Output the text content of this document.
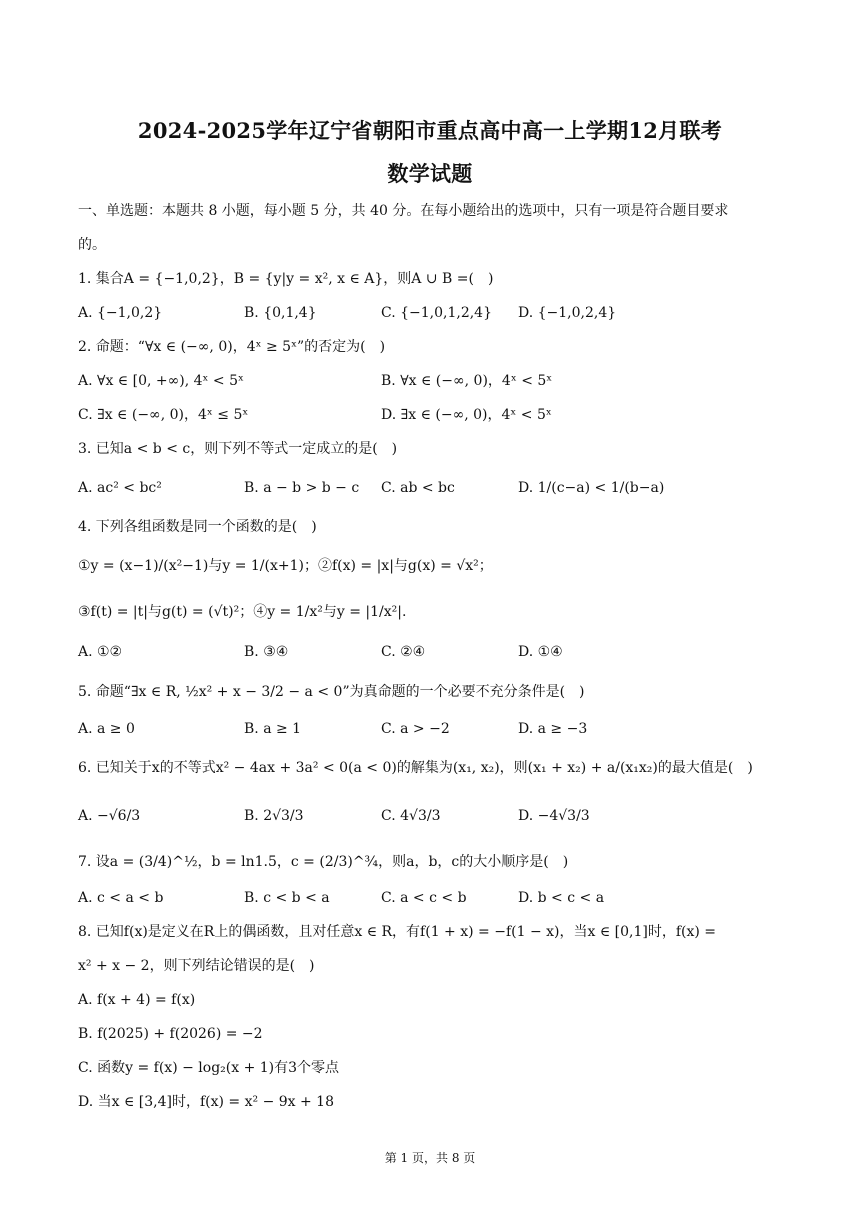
2024-2025学年辽宁省朝阳市重点高中高一上学期12月联考
数学试题
一、单选题：本题共 8 小题，每小题 5 分，共 40 分。在每小题给出的选项中，只有一项是符合题目要求
的。
1. 集合A = {−1,0,2}，B = {y|y = x², x ∈ A}，则A ∪ B =(　)
A. {−1,0,2}	B. {0,1,4}	C. {−1,0,1,2,4} D. {−1,0,2,4}
2. 命题：“∀x ∈ (−∞, 0)，4ˣ ≥ 5ˣ”的否定为(　)
A. ∀x ∈ [0, +∞), 4ˣ < 5ˣ	B. ∀x ∈ (−∞, 0)，4ˣ < 5ˣ
C. ∃x ∈ (−∞, 0)，4ˣ ≤ 5ˣ	D. ∃x ∈ (−∞, 0)，4ˣ < 5ˣ
3. 已知a < b < c，则下列不等式一定成立的是(　)
A. ac² < bc²	B. a − b > b − c C. ab < bc	D. 1/(c−a) < 1/(b−a)
4. 下列各组函数是同一个函数的是(　)
①y = (x−1)/(x²−1)与y = 1/(x+1)；②f(x) = |x|与g(x) = √x²；
③f(t) = |t|与g(t) = (√t)²；④y = 1/x²与y = |1/x²|.
A. ①②	B. ③④	C. ②④	D. ①④
5. 命题“∃x ∈ R, ½x² + x − 3/2 − a < 0”为真命题的一个必要不充分条件是(　)
A. a ≥ 0	B. a ≥ 1	C. a > −2	D. a ≥ −3
6. 已知关于x的不等式x² − 4ax + 3a² < 0(a < 0)的解集为(x₁, x₂)，则(x₁ + x₂) + a/(x₁x₂)的最大值是(　)
A. −√6/3	B. 2√3/3	C. 4√3/3	D. −4√3/3
7. 设a = (3/4)^½，b = ln1.5，c = (2/3)^¾，则a，b，c的大小顺序是(　)
A. c < a < b	B. c < b < a	C. a < c < b	D. b < c < a
8. 已知f(x)是定义在R上的偶函数，且对任意x ∈ R，有f(1 + x) = −f(1 − x)，当x ∈ [0,1]时，f(x) =
x² + x − 2，则下列结论错误的是(　)
A. f(x + 4) = f(x)
B. f(2025) + f(2026) = −2
C. 函数y = f(x) − log₂(x + 1)有3个零点
D. 当x ∈ [3,4]时，f(x) = x² − 9x + 18
第 1 页，共 8 页
